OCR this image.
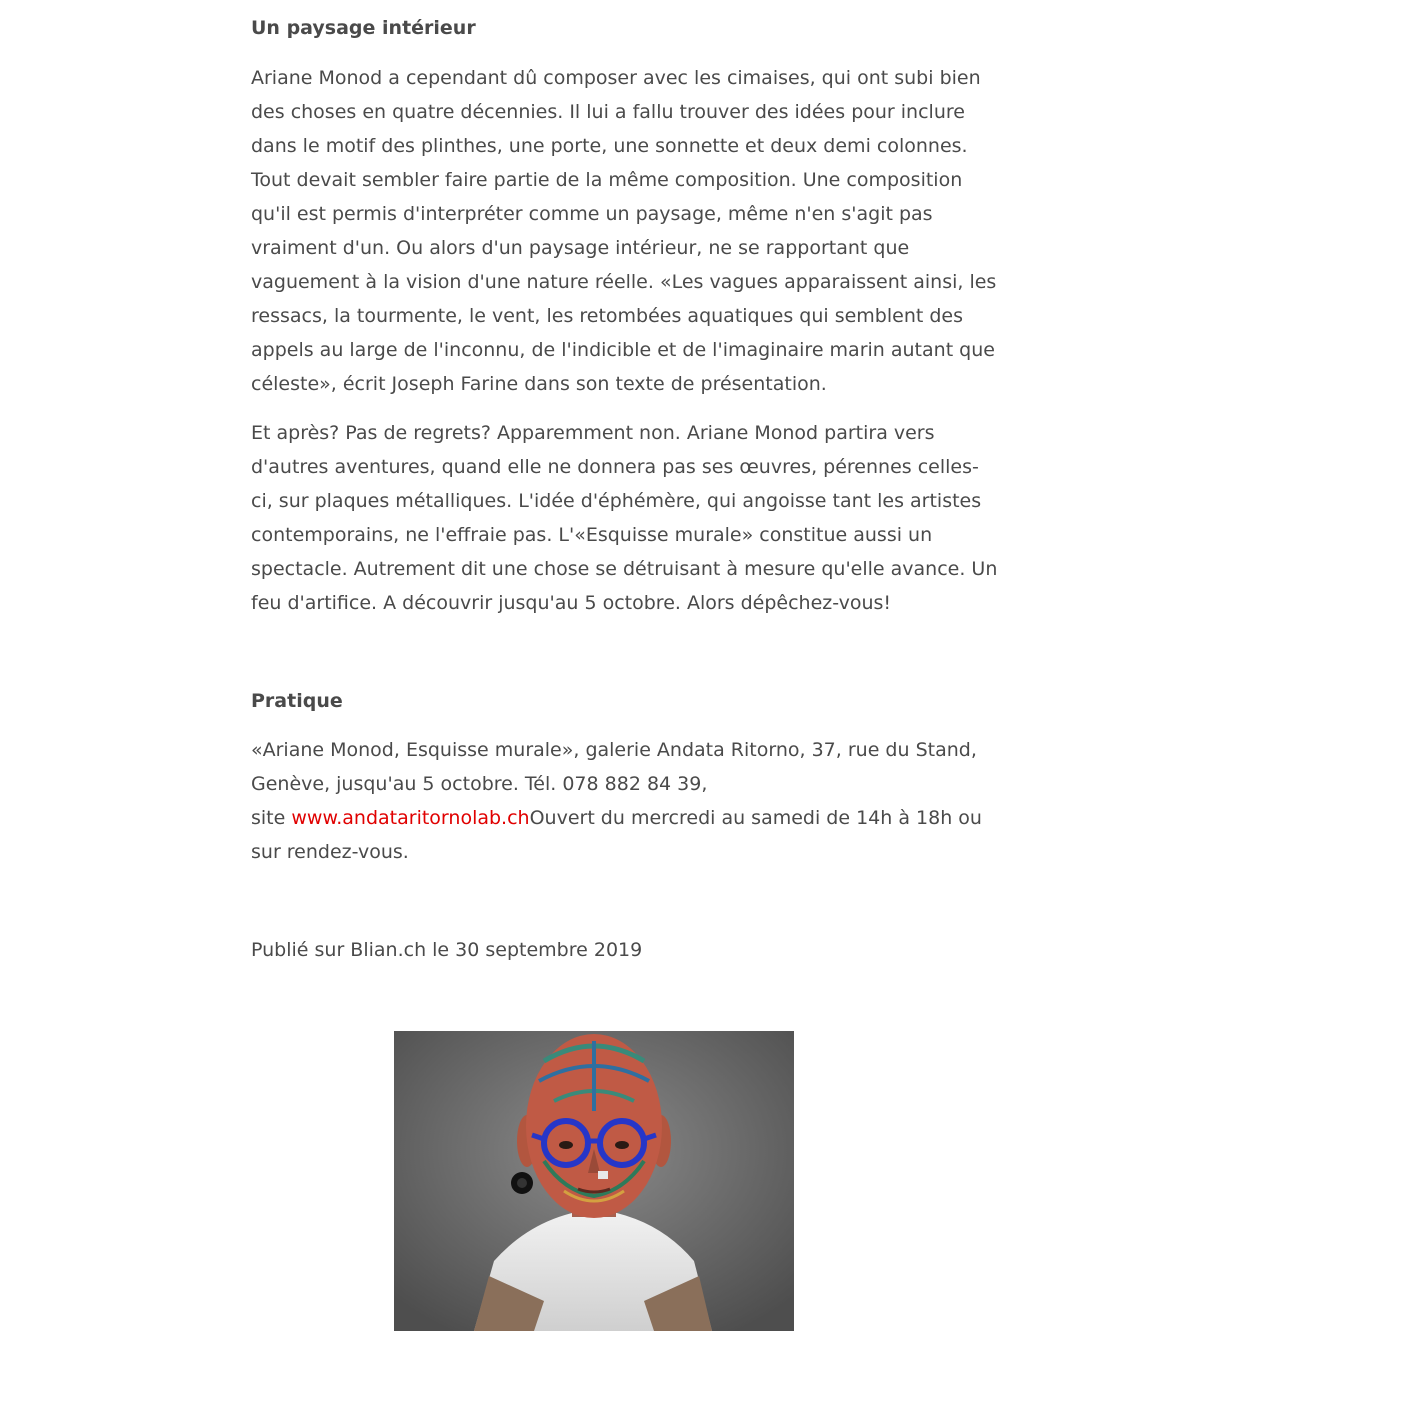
Un paysage intérieur
Ariane Monod a cependant dû composer avec les cimaises, qui ont subi bien
des choses en quatre décennies. Il lui a fallu trouver des idées pour inclure
dans le motif des plinthes, une porte, une sonnette et deux demi colonnes.
Tout devait sembler faire partie de la même composition. Une composition
qu'il est permis d'interpréter comme un paysage, même n'en s'agit pas
vraiment d'un. Ou alors d'un paysage intérieur, ne se rapportant que
vaguement à la vision d'une nature réelle. «Les vagues apparaissent ainsi, les
ressacs, la tourmente, le vent, les retombées aquatiques qui semblent des
appels au large de l'inconnu, de l'indicible et de l'imaginaire marin autant que
céleste», écrit Joseph Farine dans son texte de présentation.
Et après? Pas de regrets? Apparemment non. Ariane Monod partira vers
d'autres aventures, quand elle ne donnera pas ses œuvres, pérennes celles-
ci, sur plaques métalliques. L'idée d'éphémère, qui angoisse tant les artistes
contemporains, ne l'effraie pas. L'«Esquisse murale» constitue aussi un
spectacle. Autrement dit une chose se détruisant à mesure qu'elle avance. Un
feu d'artifice. A découvrir jusqu'au 5 octobre. Alors dépêchez-vous!
Pratique
«Ariane Monod, Esquisse murale», galerie Andata Ritorno, 37, rue du Stand,
Genève, jusqu'au 5 octobre. Tél. 078 882 84 39,
site www.andataritornolab.chOuvert du mercredi au samedi de 14h à 18h ou
sur rendez-vous.

Publié sur Blian.ch le 30 septembre 2019
